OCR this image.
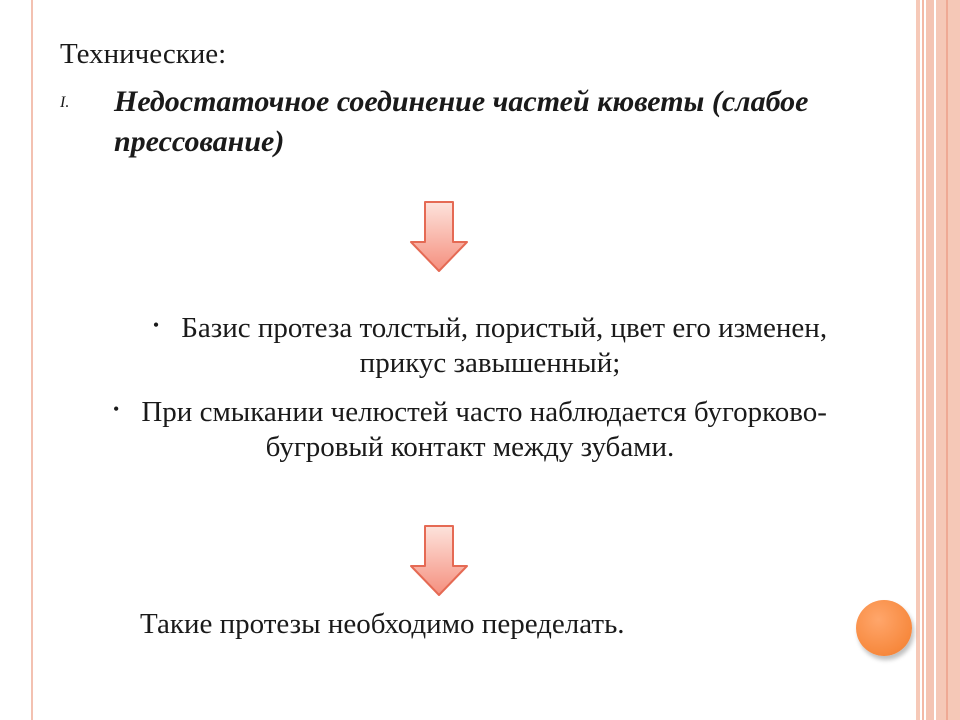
Технические:
I. Недостаточное соединение частей кюветы (слабое прессование)
• Базис протеза толстый, пористый, цвет его изменен, прикус завышенный;
• При смыкании челюстей часто наблюдается бугорково-бугровый контакт между зубами.
Такие протезы необходимо переделать.
